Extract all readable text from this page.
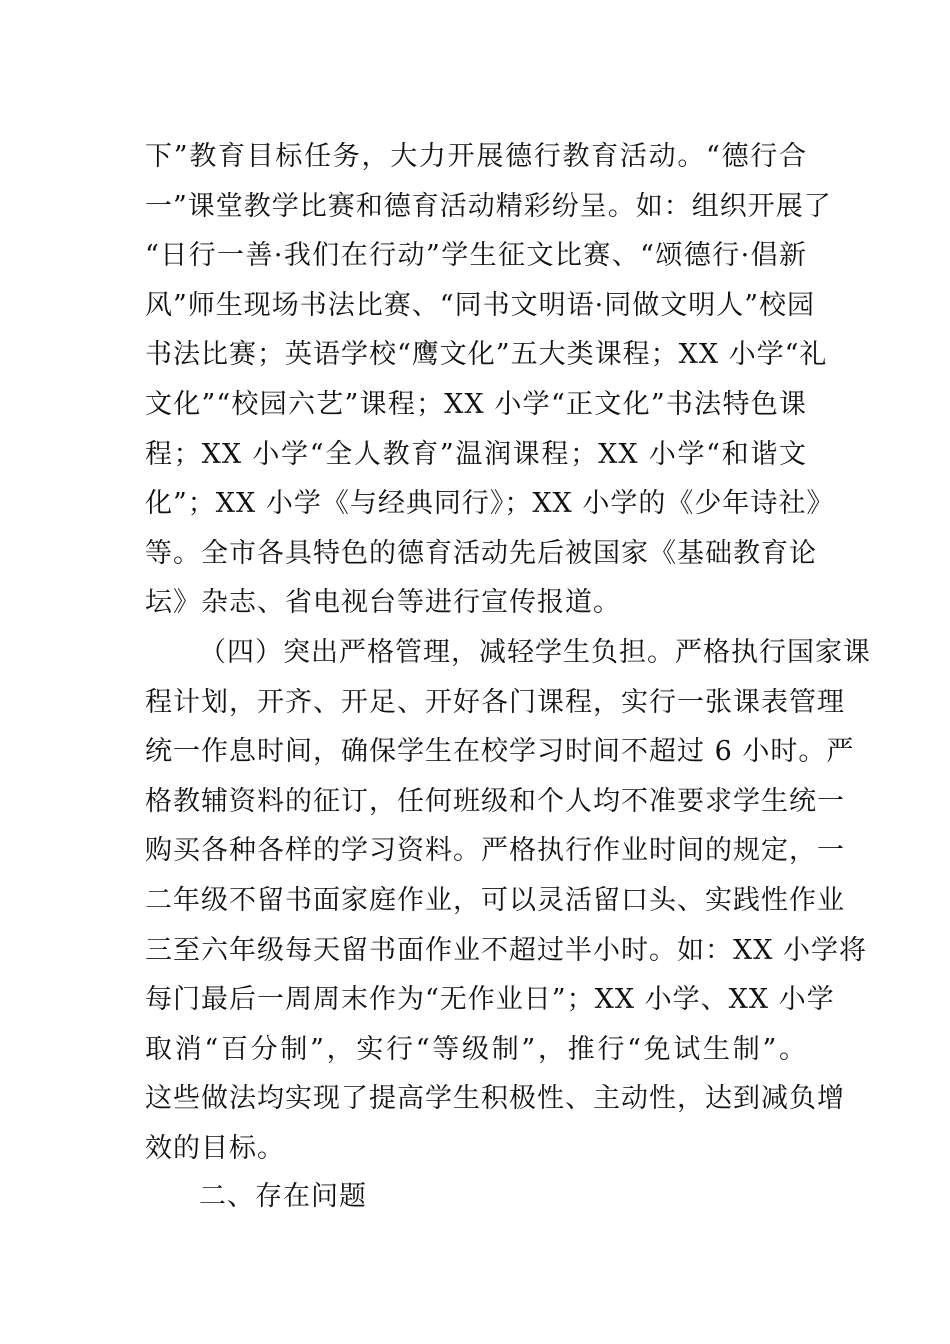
下”教育目标任务，大力开展德行教育活动。“德行合
一”课堂教学比赛和德育活动精彩纷呈。如：组织开展了
“日行一善·我们在行动”学生征文比赛、“颂德行·倡新
风”师生现场书法比赛、“同书文明语·同做文明人”校园
书法比赛；英语学校“鹰文化”五大类课程；XX 小学“礼
文化”“校园六艺”课程；XX 小学“正文化”书法特色课
程；XX 小学“全人教育”温润课程；XX 小学“和谐文
化”；XX 小学《与经典同行》；XX 小学的《少年诗社》
等。全市各具特色的德育活动先后被国家《基础教育论
坛》杂志、省电视台等进行宣传报道。
（四）突出严格管理，减轻学生负担。严格执行国家课
程计划，开齐、开足、开好各门课程，实行一张课表管理
统一作息时间，确保学生在校学习时间不超过 6 小时。严
格教辅资料的征订，任何班级和个人均不准要求学生统一
购买各种各样的学习资料。严格执行作业时间的规定，一
二年级不留书面家庭作业，可以灵活留口头、实践性作业
三至六年级每天留书面作业不超过半小时。如：XX 小学将
每门最后一周周末作为“无作业日”；XX 小学、XX 小学
取消“百分制”，实行“等级制”，推行“免试生制”。
这些做法均实现了提高学生积极性、主动性，达到减负增
效的目标。
二、存在问题
